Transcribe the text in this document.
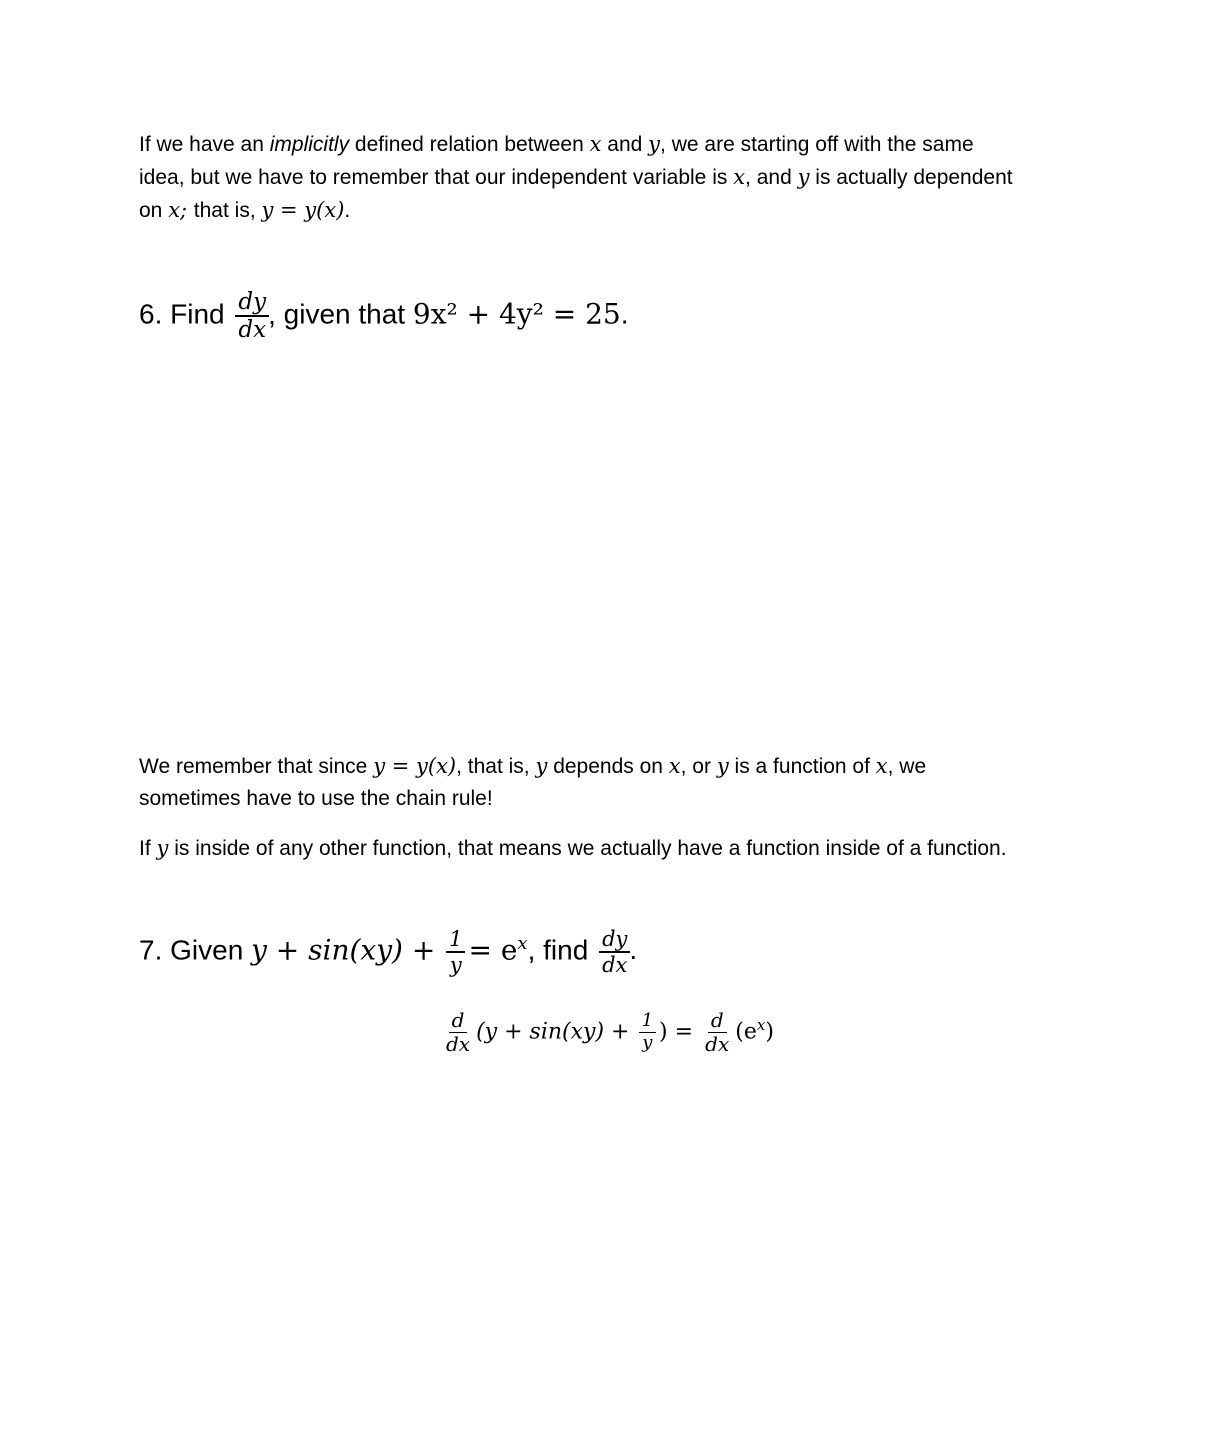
If we have an implicitly defined relation between x and y, we are starting off with the same

idea, but we have to remember that our independent variable is x, and y is actually dependent

on x; that is, y = y(x).

6. Find $\frac{dy}{dx}$ , given that 9x² + 4y² = 25.

We remember that since y = y(x), that is, y depends on x, or y is a function of x, we

sometimes have to use the chain rule!

If y is inside of any other function, that means we actually have a function inside of a function.

7. Given $y + \sin(xy) + \frac{1}{y} = e^x$, find $\frac{dy}{dx}$ .
$\frac{d}{dx} (y + \sin(xy) + \frac{1}{y}$ ) = $\frac{d}{dx} (e^x)$
